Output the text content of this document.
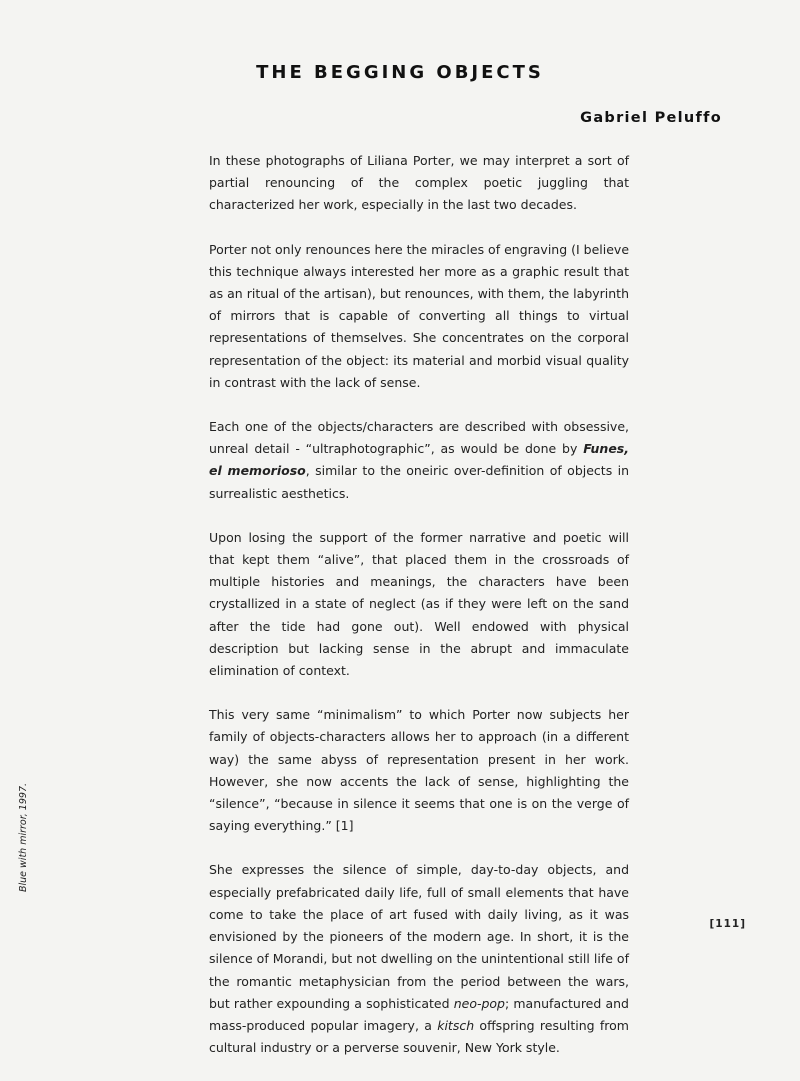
THE BEGGING OBJECTS
Gabriel Peluffo

In these photographs of Liliana Porter, we may interpret a sort of partial renouncing of the complex poetic juggling that characterized her work, especially in the last two decades.

Porter not only renounces here the miracles of engraving (I believe this technique always interested her more as a graphic result that as an ritual of the artisan), but renounces, with them, the labyrinth of mirrors that is capable of converting all things to virtual representations of themselves. She concentrates on the corporal representation of the object: its material and morbid visual quality in contrast with the lack of sense.

Each one of the objects/characters are described with obsessive, unreal detail - “ultraphotographic”, as would be done by Funes, el memorioso, similar to the oneiric over-definition of objects in surrealistic aesthetics.

Upon losing the support of the former narrative and poetic will that kept them “alive”, that placed them in the crossroads of multiple histories and meanings, the characters have been crystallized in a state of neglect (as if they were left on the sand after the tide had gone out). Well endowed with physical description but lacking sense in the abrupt and immaculate elimination of context.

This very same “minimalism” to which Porter now subjects her family of objects-characters allows her to approach (in a different way) the same abyss of representation present in her work. However, she now accents the lack of sense, highlighting the “silence”, “because in silence it seems that one is on the verge of saying everything.” [1]

She expresses the silence of simple, day-to-day objects, and especially prefabricated daily life, full of small elements that have come to take the place of art fused with daily living, as it was envisioned by the pioneers of the modern age. In short, it is the silence of Morandi, but not dwelling on the unintentional still life of the romantic metaphysician from the period between the wars, but rather expounding a sophisticated neo-pop; manufactured and mass-produced popular imagery, a kitsch offspring resulting from cultural industry or a perverse souvenir, New York style.

Blue with mirror, 1997.
[111]
